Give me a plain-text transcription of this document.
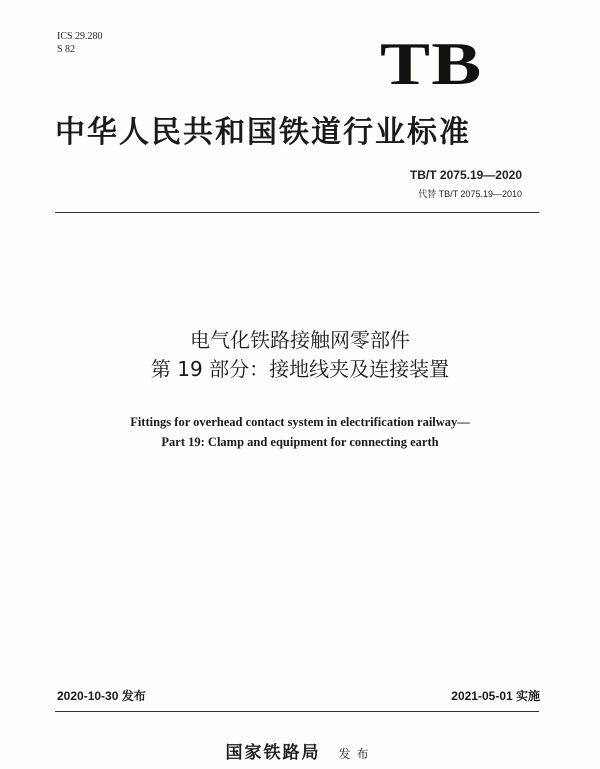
ICS 29.280
S 82	TB
中华人民共和国铁道行业标准
TB/T 2075.19—2020
代替 TB/T 2075.19—2010
电气化铁路接触网零部件
第 19 部分：接地线夹及连接装置
Fittings for overhead contact system in electrification railway—
Part 19: Clamp and equipment for connecting earth
2020-10-30 发布	2021-05-01 实施
国家铁路局 发布
